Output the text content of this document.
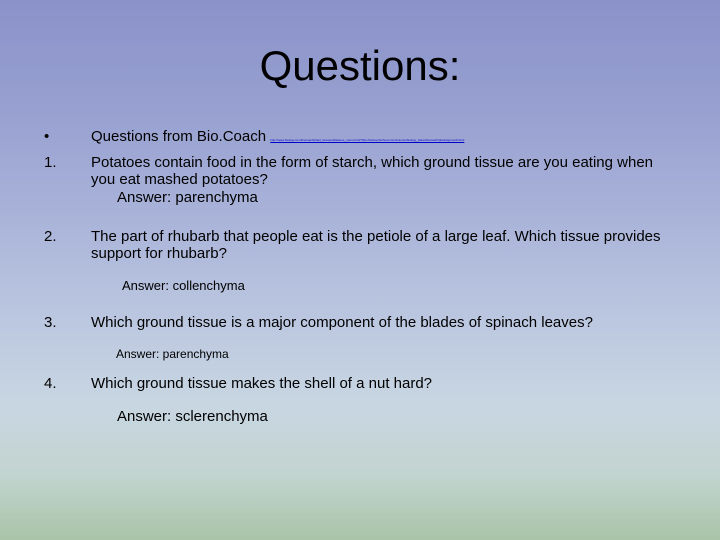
Questions:
•	Questions from Bio.Coach http://www.biology.com/biocoach/plant_tissues/pltissues_menu.html?http://www.phschool.com/science/biology_place/biocoach/plants/groundt.html
1. Potatoes contain food in the form of starch, which ground tissue are you eating when you eat mashed potatoes?
Answer: parenchyma
2. The part of rhubarb that people eat is the petiole of a large leaf. Which tissue provides support for rhubarb?
Answer: collenchyma
3. Which ground tissue is a major component of the blades of spinach leaves?
Answer: parenchyma
4. Which ground tissue makes the shell of a nut hard?
Answer: sclerenchyma
